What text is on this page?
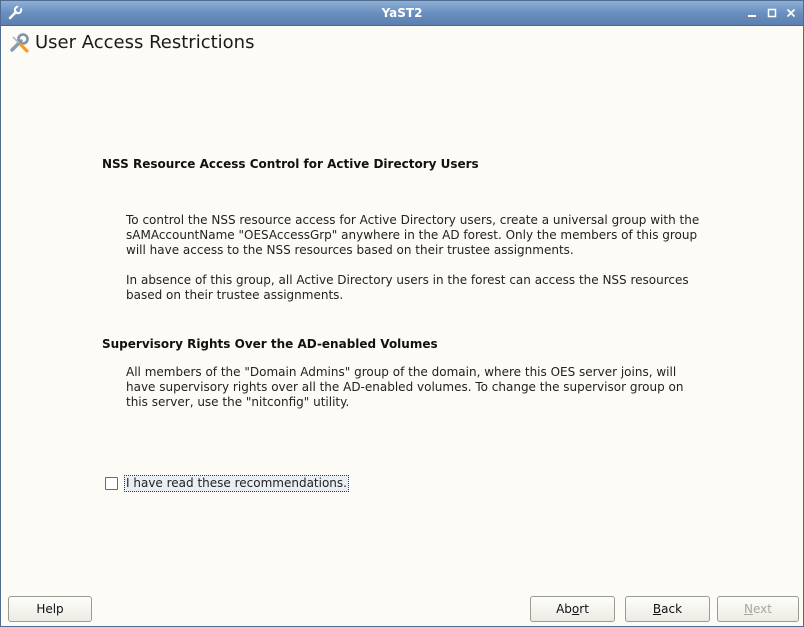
YaST2
User Access Restrictions
NSS Resource Access Control for Active Directory Users
To control the NSS resource access for Active Directory users, create a universal group with the sAMAccountName "OESAccessGrp" anywhere in the AD forest. Only the members of this group will have access to the NSS resources based on their trustee assignments.
In absence of this group, all Active Directory users in the forest can access the NSS resources based on their trustee assignments.
Supervisory Rights Over the AD-enabled Volumes
All members of the "Domain Admins" group of the domain, where this OES server joins, will have supervisory rights over all the AD-enabled volumes. To change the supervisor group on this server, use the "nitconfig" utility.
I have read these recommendations.
Help	Abort	Back	Next
